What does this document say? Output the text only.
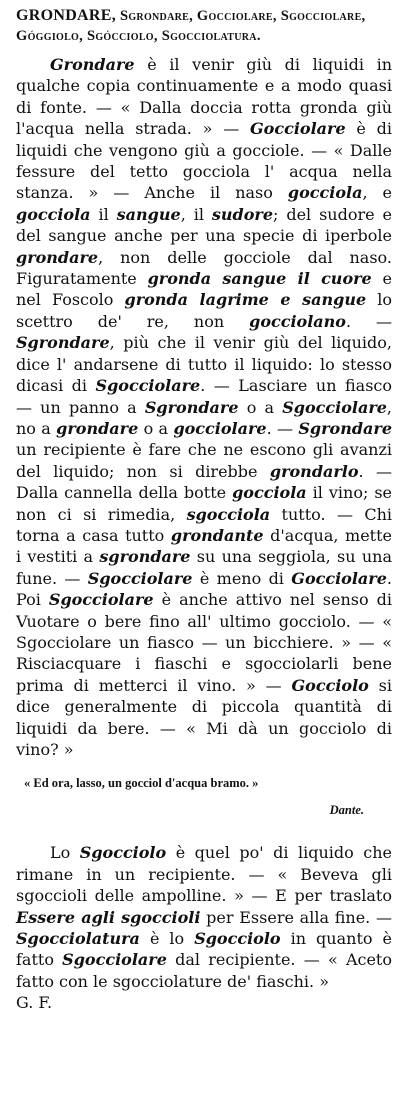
GRONDARE, Sgrondare, Gocciolare, Sgocciolare, Góggiolo, Sgócciolo, Sgocciolatura.

Grondare è il venir giù di liquidi in qualche copia continuamente e a modo quasi di fonte. — « Dalla doccia rotta gronda giù l'acqua nella strada. » — Gocciolare è di liquidi che vengono giù a gocciole. — « Dalle fessure del tetto gocciola l' acqua nella stanza. » — Anche il naso gocciola, e gocciola il sangue, il sudore; del sudore e del sangue anche per una specie di iperbole grondare, non delle gocciole dal naso. Figuratamente gronda sangue il cuore e nel Foscolo gronda lagrime e sangue lo scettro de' re, non gocciolano. — Sgrondare, più che il venir giù del liquido, dice l' andarsene di tutto il liquido: lo stesso dicasi di Sgocciolare. — Lasciare un fiasco — un panno a Sgrondare o a Sgocciolare, no a grondare o a gocciolare. — Sgrondare un recipiente è fare che ne escono gli avanzi del liquido; non si direbbe grondarlo. — Dalla cannella della botte gocciola il vino; se non ci si rimedia, sgocciola tutto. — Chi torna a casa tutto grondante d'acqua, mette i vestiti a sgrondare su una seggiola, su una fune. — Sgocciolare è meno di Gocciolare. Poi Sgocciolare è anche attivo nel senso di Vuotare o bere fino all' ultimo gocciolo. — « Sgocciolare un fiasco — un bicchiere. » — « Risciacquare i fiaschi e sgocciolarli bene prima di metterci il vino. » — Gocciolo si dice generalmente di piccola quantità di liquidi da bere. — « Mi dà un gocciolo di vino? »

« Ed ora, lasso, un gocciol d'acqua bramo. »
Dante.

Lo Sgocciolo è quel po' di liquido che rimane in un recipiente. — « Beveva gli sgoccioli delle ampolline. » — E per traslato Essere agli sgoccioli per Essere alla fine. — Sgocciolatura è lo Sgocciolo in quanto è fatto Sgocciolare dal recipiente. — « Aceto fatto con le sgocciolature de' fiaschi. »
G. F.
